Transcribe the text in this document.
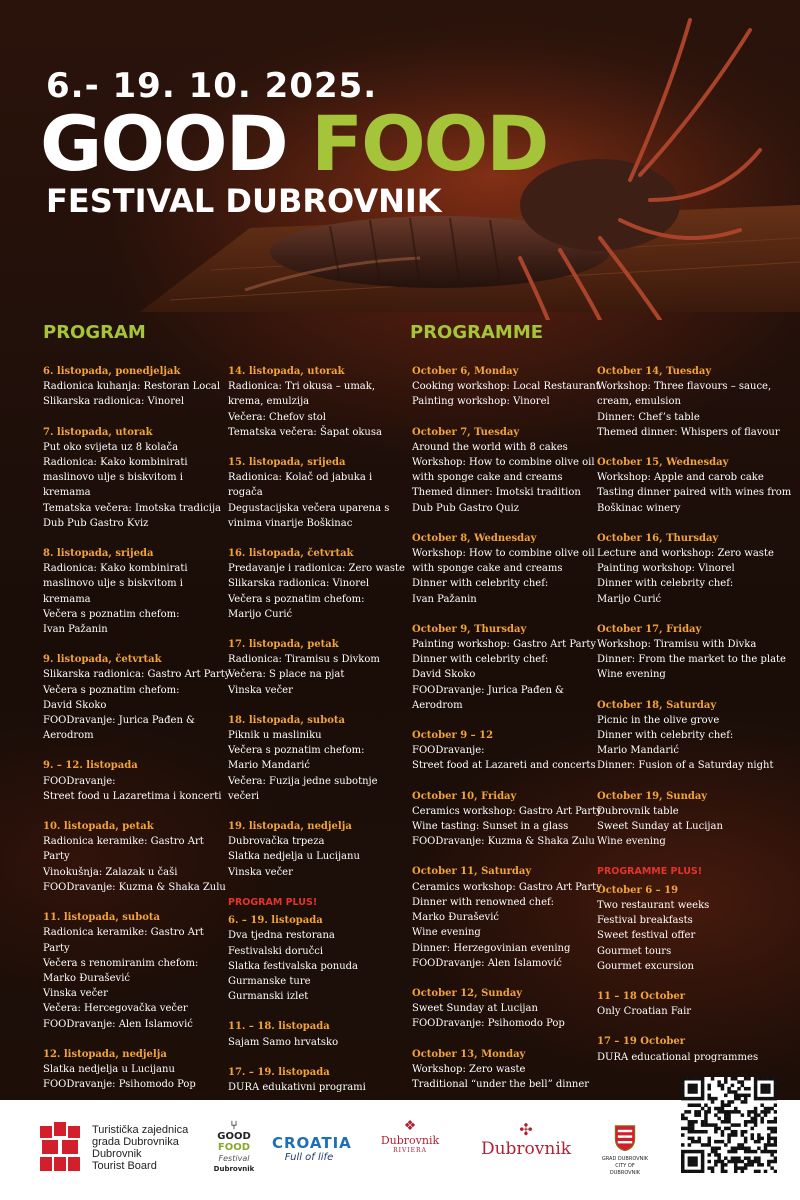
6.- 19. 10. 2025.
GOOD FOOD
FESTIVAL DUBROVNIK
PROGRAM	PROGRAMME
6. listopada, ponedjeljak
Radionica kuhanja: Restoran Local
Slikarska radionica: Vinorel
7. listopada, utorak
Put oko svijeta uz 8 kolača
Radionica: Kako kombinirati
maslinovo ulje s biskvitom i kremama
Tematska večera: Imotska tradicija
Dub Pub Gastro Kviz
8. listopada, srijeda
Radionica: Kako kombinirati
maslinovo ulje s biskvitom i kremama
Večera s poznatim chefom:
Ivan Pažanin
9. listopada, četvrtak
Slikarska radionica: Gastro Art Party
Večera s poznatim chefom:
David Skoko
FOODravanje: Jurica Pađen & Aerodrom
9. – 12. listopada
FOODravanje:
Street food u Lazaretima i koncerti
10. listopada, petak
Radionica keramike: Gastro Art Party
Vinokušnja: Zalazak u čaši
FOODravanje: Kuzma & Shaka Zulu
11. listopada, subota
Radionica keramike: Gastro Art Party
Večera s renomiranim chefom:
Marko Đurašević
Vinska večer
Večera: Hercegovačka večer
FOODravanje: Alen Islamović
12. listopada, nedjelja
Slatka nedjelja u Lucijanu
FOODravanje: Psihomodo Pop
14. listopada, utorak
Radionica: Tri okusa – umak,
krema, emulzija
Večera: Chefov stol
Tematska večera: Šapat okusa
15. listopada, srijeda
Radionica: Kolač od jabuka i rogača
Degustacijska večera uparena s
vinima vinarije Boškinac
16. listopada, četvrtak
Predavanje i radionica: Zero waste
Slikarska radionica: Vinorel
Večera s poznatim chefom:
Marijo Curić
17. listopada, petak
Radionica: Tiramisu s Divkom
Večera: S place na pjat
Vinska večer
18. listopada, subota
Piknik u masliniku
Večera s poznatim chefom:
Mario Mandarić
Večera: Fuzija jedne subotnje večeri
19. listopada, nedjelja
Dubrovačka trpeza
Slatka nedjelja u Lucijanu
Vinska večer
PROGRAM PLUS!
6. – 19. listopada
Dva tjedna restorana
Festivalski doručci
Slatka festivalska ponuda
Gurmanske ture
Gurmanski izlet
11. – 18. listopada
Sajam Samo hrvatsko
17. – 19. listopada
DURA edukativni programi
October 6, Monday
Cooking workshop: Local Restaurant
Painting workshop: Vinorel
October 7, Tuesday
Around the world with 8 cakes
Workshop: How to combine olive oil
with sponge cake and creams
Themed dinner: Imotski tradition
Dub Pub Gastro Quiz
October 8, Wednesday
Workshop: How to combine olive oil
with sponge cake and creams
Dinner with celebrity chef:
Ivan Pažanin
October 9, Thursday
Painting workshop: Gastro Art Party
Dinner with celebrity chef:
David Skoko
FOODravanje: Jurica Pađen & Aerodrom
October 9 – 12
FOODravanje:
Street food at Lazareti and concerts
October 10, Friday
Ceramics workshop: Gastro Art Party
Wine tasting: Sunset in a glass
FOODravanje: Kuzma & Shaka Zulu
October 11, Saturday
Ceramics workshop: Gastro Art Party
Dinner with renowned chef:
Marko Đurašević
Wine evening
Dinner: Herzegovinian evening
FOODravanje: Alen Islamović
October 12, Sunday
Sweet Sunday at Lucijan
FOODravanje: Psihomodo Pop
October 13, Monday
Workshop: Zero waste
Traditional “under the bell” dinner
October 14, Tuesday
Workshop: Three flavours – sauce,
cream, emulsion
Dinner: Chef’s table
Themed dinner: Whispers of flavour
October 15, Wednesday
Workshop: Apple and carob cake
Tasting dinner paired with wines from
Boškinac winery
October 16, Thursday
Lecture and workshop: Zero waste
Painting workshop: Vinorel
Dinner with celebrity chef:
Marijo Curić
October 17, Friday
Workshop: Tiramisu with Divka
Dinner: From the market to the plate
Wine evening
October 18, Saturday
Picnic in the olive grove
Dinner with celebrity chef:
Mario Mandarić
Dinner: Fusion of a Saturday night
October 19, Sunday
Dubrovnik table
Sweet Sunday at Lucijan
Wine evening
PROGRAMME PLUS!
October 6 – 19
Two restaurant weeks
Festival breakfasts
Sweet festival offer
Gourmet tours
Gourmet excursion
11 – 18 October
Only Croatian Fair
17 – 19 October
DURA educational programmes
Turistička zajednica
grada Dubrovnika
Dubrovnik
Tourist Board
⑂
GOOD
FOOD
Festival
Dubrovnik
CROATIA
Full of life
❖
Dubrovnik
RIVIERA
✣
Dubrovnik	GRAD DUBROVNIK
CITY OF DUBROVNIK
